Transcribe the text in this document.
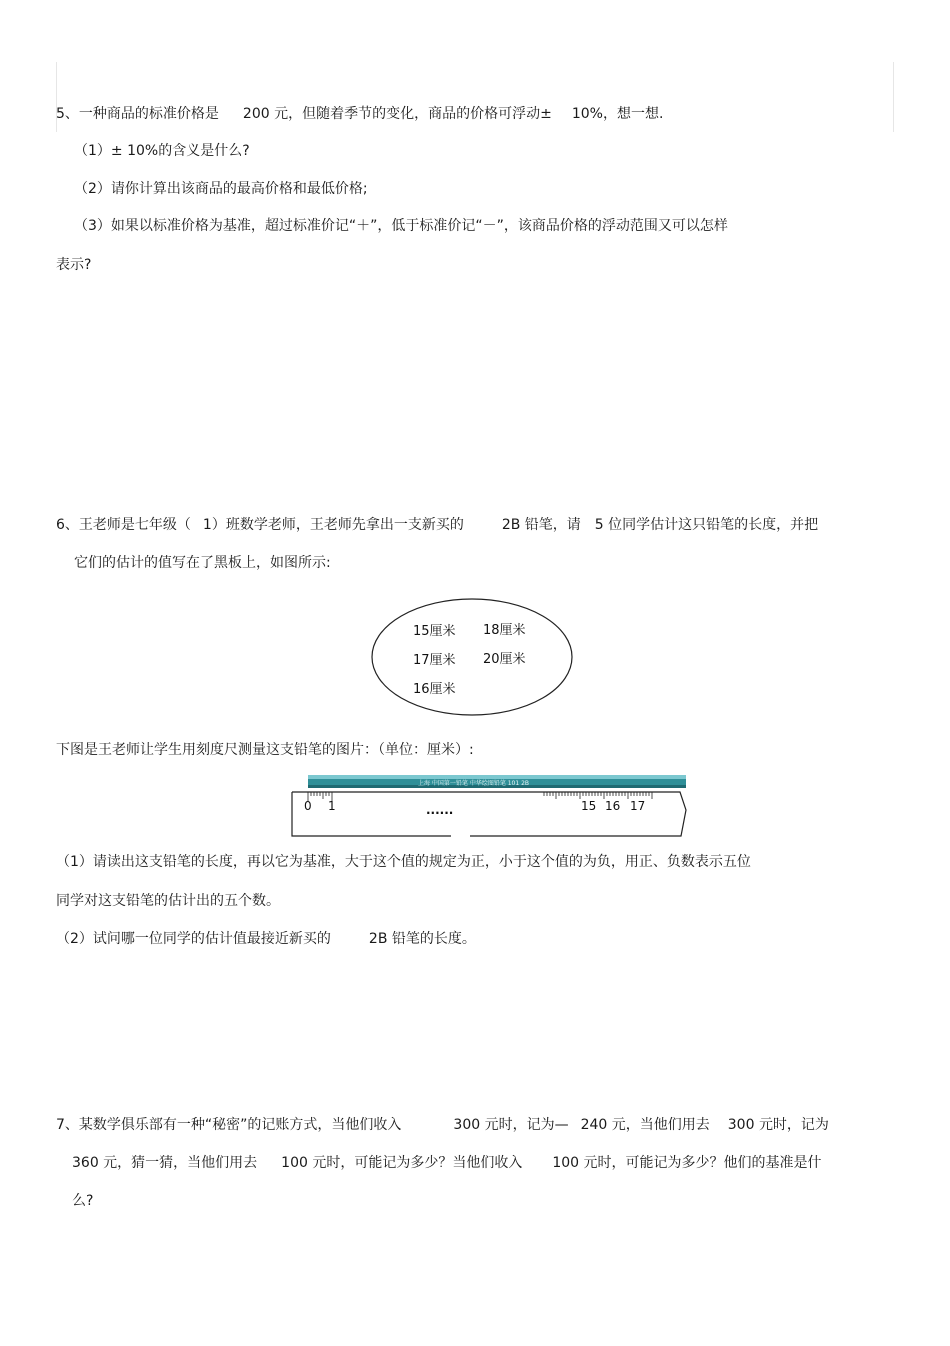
5、一种商品的标准价格是 200 元，但随着季节的变化，商品的价格可浮动± 10%，想一想.
（1）± 10%的含义是什么?
（2）请你计算出该商品的最高价格和最低价格;
（3）如果以标准价格为基准，超过标准价记“＋”，低于标准价记“－”，该商品价格的浮动范围又可以怎样
表示?
6、王老师是七年级（ 1）班数学老师，王老师先拿出一支新买的	2B 铅笔，请 5 位同学估计这只铅笔的长度，并把
它们的估计的值写在了黑板上，如图所示:
15厘米 18厘米
17厘米 20厘米
16厘米
下图是王老师让学生用刻度尺测量这支铅笔的图片：（单位：厘米）:
上海 中国第一铅笔 中华绘图铅笔 101 2B
0 1	15 16 17
......
（1）请读出这支铅笔的长度，再以它为基准，大于这个值的规定为正，小于这个值的为负，用正、负数表示五位
同学对这支铅笔的估计出的五个数。
（2）试问哪一位同学的估计值最接近新买的	2B 铅笔的长度。
7、某数学俱乐部有一种“秘密”的记账方式，当他们收入	300 元时，记为— 240 元，当他们用去 300 元时，记为
360 元，猜一猜，当他们用去 100 元时，可能记为多少？当他们收入 100 元时，可能记为多少？他们的基准是什
么?
